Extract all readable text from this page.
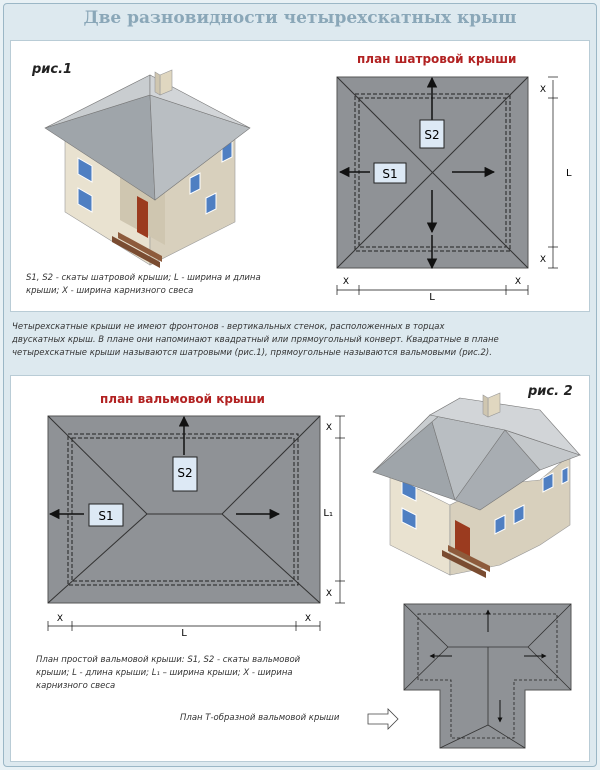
Две разновидности четырехскатных крыш
рис.1
план шатровой крыши
S1, S2 - скаты шатровой крыши; L - ширина и длина
крыши; X - ширина карнизного свеса
Четырехскатные крыши не имеют фронтонов - вертикальных стенок, расположенных в торцах
двускатных крыш. В плане они напоминают квадратный или прямоугольный конверт. Квадратные в плане
четырехскатные крыши называются шатровыми (рис.1), прямоугольные называются вальмовыми (рис.2).
план вальмовой крыши	рис. 2
План простой вальмовой крыши: S1, S2 - скаты вальмовой
крыши; L - длина крыши; L₁ – ширина крыши; X - ширина
карнизного свеса
План Т-образной вальмовой крыши
S2
S1
X
L
X
X
L
X
S2
S1
X
L₁
X
X
L
X
